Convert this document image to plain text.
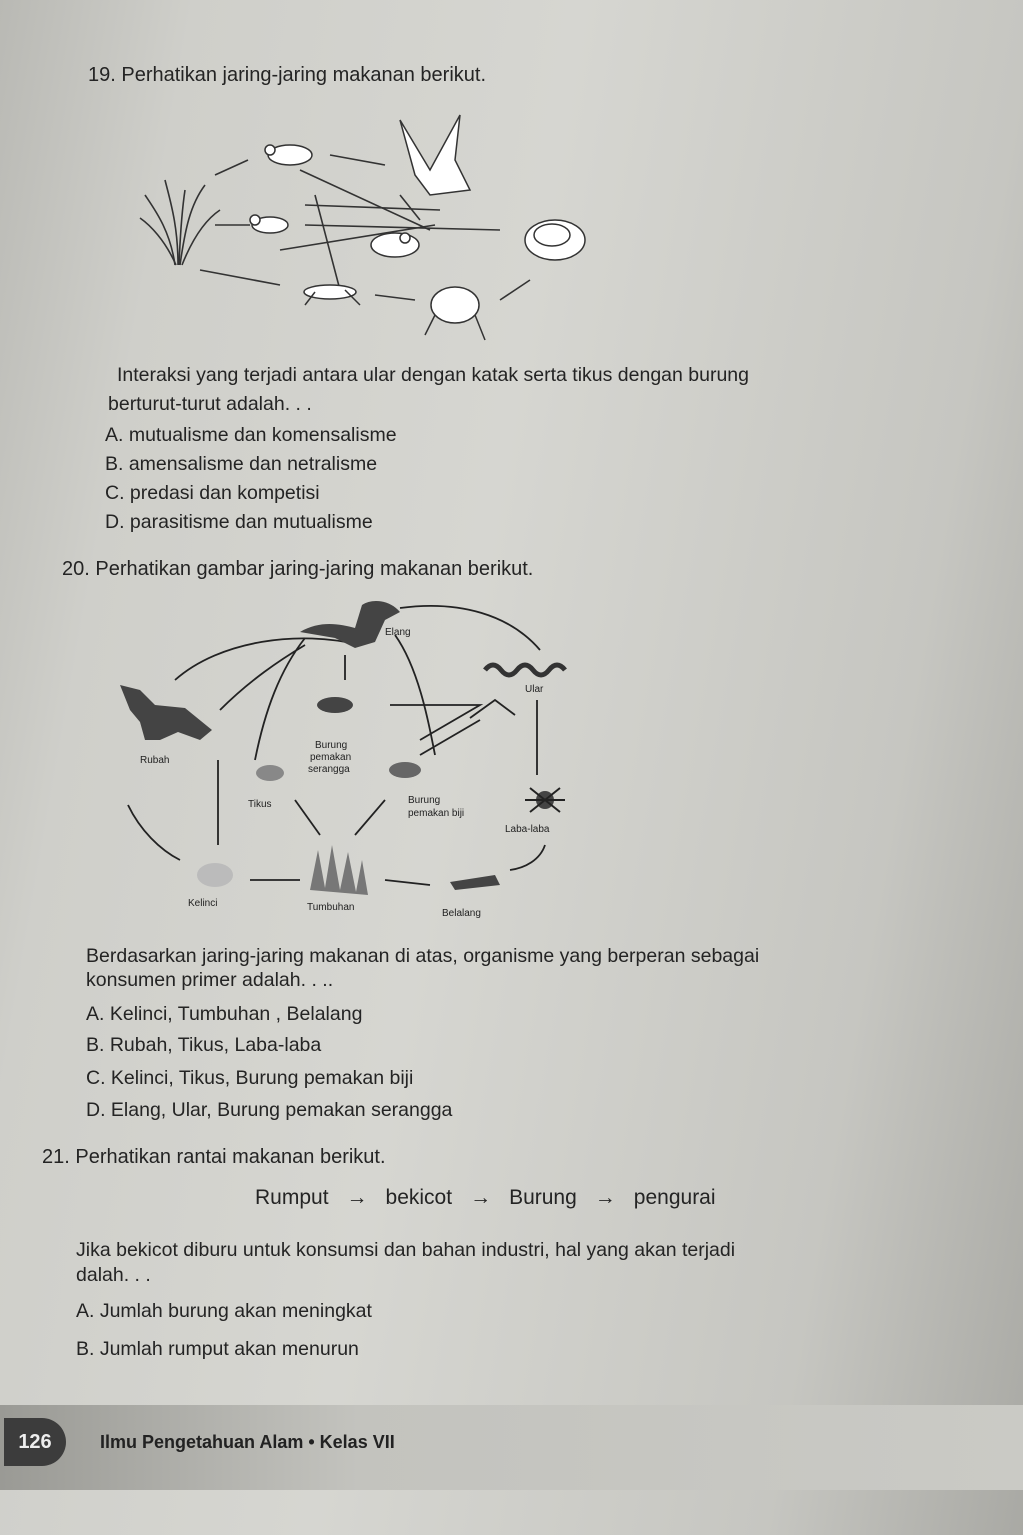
19. Perhatikan jaring-jaring makanan berikut.
Interaksi yang terjadi antara ular dengan katak serta tikus dengan burung
berturut-turut adalah. . .
A. mutualisme dan komensalisme
B. amensalisme dan netralisme
C. predasi dan kompetisi
D. parasitisme dan mutualisme
20. Perhatikan gambar jaring-jaring makanan berikut.
Elang
Ular
Burung
pemakan
serangga
Rubah
Tikus	Burung
pemakan biji
Laba-laba
Kelinci	Tumbuhan
Belalang
Berdasarkan jaring-jaring makanan di atas, organisme yang berperan sebagai
konsumen primer adalah. . ..
A. Kelinci, Tumbuhan , Belalang
B. Rubah, Tikus, Laba-laba
C. Kelinci, Tikus, Burung pemakan biji
D. Elang, Ular, Burung pemakan serangga
21. Perhatikan rantai makanan berikut.
Rumput → bekicot → Burung → pengurai
Jika bekicot diburu untuk konsumsi dan bahan industri, hal yang akan terjadi
dalah. . .
A. Jumlah burung akan meningkat
B. Jumlah rumput akan menurun
126	Ilmu Pengetahuan Alam • Kelas VII
